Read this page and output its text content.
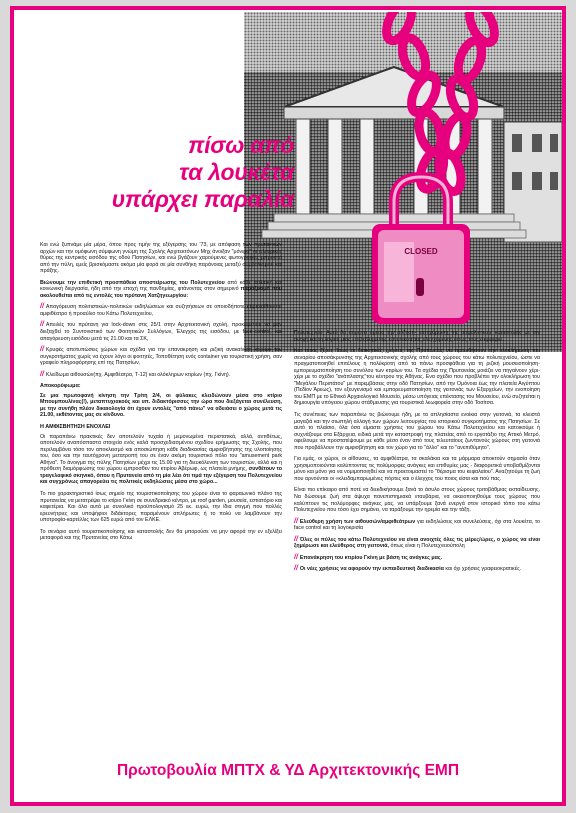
CLOSED
πίσω από
τα λουκέτα
υπάρχει παραλία

Και ενώ ξυπνάμε μία μέρα, όπου προς τιμήν της εξέγερσης του '73, με απόφαση των πρυτανικών αρχών και την ομόφωνη σύμφωνη γνώμη της Σχολής Αρχιτεκτόνων Μηχ άνοιξαν "μόνιμα" οι πλευρικές θύρες της κεντρικής εισόδου της οδού Πατησίων, και ενώ βγάζουν χαρούμενες φωτογραφίες μπροστά από την πύλη, εμείς βρισκόμαστε ακόμα μία φορά σε μία συνθήκη παράνοιας μεταξύ συμβολισμού και πράξης.

Βιώνουμε την επιθετική προσπάθεια αποστείρωσης του Πολυτεχνείου από κάθε πολιτική και κοινωνική διεργασία, ήδη από την εποχή της πανδημίας, φτάνοντας στον σημερινό παροξυσμό που ακολουθείται από τις εντολές του πρύτανη Χατζηγεωργίου:

// Απαγόρευση πολιτιστικών-πολιτικών εκδηλώσεων και συζητήσεων σε οποιοδήποτε κτίριο/αίθουσα/αμφιθέατρο ή προαύλιο του Κάτω Πολυτεχνείου,

// Απειλές του πρύτανη για lock-down στις 25/1 στην Αρχιτεκτονική σχολή, προκειμένου να μην διεξαχθεί το Συντονιστικό των Φοιτητικών Συλλόγων, Έλεγχος της εισόδου, με face-control, και απαγόρευση εισόδου μετά τις 21.00 και τα ΣΚ,

// Κρυφές αποτυπώσεις χώρων και σχέδια για την επανακρηση και ριζική ανακαίνιση κτιρίων του συγκροτήματος χωρίς να έχουν λόγο οι φοιτητές, Τοποθέτηση ενός container για τουριστική χρήση, σαν γραφείο πληροφόρησης επί της Πατησίων,

// Κλείδωμα αιθουσών(πχ. Αμφιθέατρα, Τ-12) και ολόκληρων κτιρίων (πχ. Γκίνη).

Αποκορύφωμα:

Σε μια πρωτοφανή κίνηση την Τρίτη 2/4, οι φύλακες κλειδώνουν μέσα στο κτίριο Μπουμπουλίνας(!), μεταπτυχιακούς και υπ. διδακτόρισσες την ώρα που διεξάγεται συνέλευση, με την συνήθη πλέον δικαιολογία ότι έχουν εντολές "από πάνω" να αδειάσει ο χώρος μετά τις 21.00, εκθέτοντας μας σε κίνδυνο.

Η ΑΜΦΙΣΒΗΤΗΣΗ ΕΝΟΧΛΕΙ

Οι παραπάνω πρακτικές δεν αποτελούν τυχαία ή μεμονωμένα περιστατικά, αλλά, αντιθέτως, αποτελούν αναπόσπαστα στοιχεία ενός καλά προσχεδιασμένου σχεδίου ερήμωσης της Σχολής, που περιλαμβάνει τόσο τον αποκλεισμό και αποσιώπηση κάθε διαδικασίας αμφισβήτησης της υλοποίησης του, όσο και την ταυτόχρονη μετατροπή του σε έναν ακόμη τουριστικό πόλο του "amusement park Αθήνα". Το άνοιγμα της πύλης Πατησίων μέχρι τις 15.00 για τη διευκόλυνση των τουριστών, αλλά και η πρόθεση διαμόρφωσης του χώρου εμπροσθεν του κτιρίου Αβέρωφ, ως πλατεία μνήμης, συνθέτουν το τραγελαφικό σκηνικό, όπου η Πρυτανεία από τη μία λέει ότι τιμά την εξέγερση του Πολυτεχνείου και συγχρόνως απαγορεύει τις πολιτικές εκδηλώσεις μέσα στο χώρο...

Το πιο χαρακτηριστικό ίσως σημείο της τουριστικοποίησης του χώρου είναι το φαραωνικό πλάνο της πρυτανείας να μετατρέψει το κτίριο Γκίνη σε συνεδριακό κέντρο, με roof garden, μουσεία, εστιατόριο και καφετέρια. Και όλα αυτά με συνολικό προϋπολογισμό 25 εκ. ευρώ, την ίδια στιγμή που πολλές ερευνήτριες και υποψήφιοι διδάκτορες παραμένουν απλήρωτες ή το πολύ να λαμβάνουν την υποτροφία-καρτέλλις των 625 ευρώ από τον ΕΛΚΕ.

Το σενάριο αυτό τουριστικοποίησης και καταστολής δεν θα μπορούσε να μην αφορά την εν εξελίξει μεταφορά και της Πρυτανείας στο Κάτω

Πολυτεχνείο. Αυτό θα σημάνει άμεσα την αύξηση- κατοχύρωση της ασφαλιστικής καταστολής με την ανοχή και τη λογική μιας επιβεβλημένης κανονικότητας ελεγχόμενης όπως τους συμφέρει.

Και ποιος ξέρει; Ίσως οι διοικητικές χρήσεις της Πρυτανείας να προωθήσουν την ολοκλήρωση του σεναρίου αποσάκρυνσης της Αρχιτεκτονικής σχολής από τους χώρους του κάτω πολυτεχνείου, ώστε να πραγματοποιηθεί επιτέλους η πολύκροτη από τα πάνω προσφάθεια για τη ριζική μουσειοποίηση-εμπορευματοποίηση του συνόλου των κτιρίων του. Τα σχέδια της Πρυτανείας μοιάζει να πηγαίνουν χέρι-χέρι με το σχέδιο "ανάπλασης"του κέντρου της Αθήνας. Ενα σχέδιο που προβλέπει την ολοκλήρωση του "Μεγάλου Περιπάτου" με παρεμβάσεις στην οδό Πατησίων, από την Ομόνοια έως την πλατεία Αιγύπτου (Πεδίον Άρεως), τον εξευγενισμό και εμπορευματοποίηση της γειτονιάς των Εξαρχείων, την ενοποίηση του ΕΜΠ με το Εθνικό Αρχαιολογικό Μουσείο, μέσω υπόγειας επέκτασης του Μουσείου, ενώ συζητείται η δημιουργία υπόγειου χώρου στάθμευσης για τουριστικά λεωφορεία στην οδό Τοσίτσα.

Τις συνέπειες των παραπάνω τις βιώνουμε ήδη, με τα απλησίαστα ενοίκια στην γειτονιά, τα κλειστά μαγαζιά και την σιωπηλή αλλαγή των χώρων λειτουργίας του ιστορικού συγκροτήματος της Πατησίων. Σε αυτό το πλαίσιο, όλα όσα είμαστε χρήστες του χώρου του Κάτω Πολυτεχνείου και κατοικούμε ή συχνάζουμε στα Εξάρχεια, ειδικά μετά την καταστροφή της πλατείας από το εργοτάξιο της Αττικό Μετρό, οφείλουμε να προστατέψουμε με κάθε μέσο έναν από τους τελευταίους ζωντανούς χώρους στη γειτονιά που προβάλλουν την αμφισβήτηση και τον χώρο για το "άλλο" και το "ανεπιθύμητο".

Για εμάς, οι χώροι, οι αίθουσες, τα αμφιθέατρα, τα σκαλάκια και τα μάρμαρα αποκτούν σημασία όταν χρησιμοποιούνται καλύπτοντας τις πολύμορφες ανάγκες και επιθυμίες μας - διαφορετικά υποβαθμίζονται μόνο και μόνο για να νομιμοποιηθεί και να προετοιμαστεί το "θέρισμα του κεφαλαίου". Αναζητούμε τη ζωή που αρνούνται οι «κλειδαμπαρωμένες πόρτες και ο έλεγχος του ποιος είσαι και πού πας.

Είναι πιο επίκαιρο από ποτέ να διεκδικήσουμε ξανά το άσυλο στους χώρους τριτοβάθμιας εκπαίδευσης. Να δώσουμε ζωή στα άψυχα πανεπιστημιακά νταυβάρια, να οικειοποιηθούμε τους χώρους που καλύπτουν τις πολύμορφες ανάγκες μας, να υπάρξουμε ξανά ενεργά στον ιστορικό τόπο του κάτω Πολυτεχνείου που τόσο έχει σημάνει, να ταράξουμε την ηρεμία και την τάξη.

// Ελεύθερη χρήση των αιθουσών/αμφιθεάτρων για εκδηλώσεις και συνελεύσεις, όχι στα λουκέτα, το face control και τη λογοκρισία

// Όλες οι πύλες του κάτω Πολυτεχνείου να είναι ανοιχτές όλες τις μέρες/ώρες, ο χώρος να είναι ξημέρωσε και ελεύθερος στη γειτονιά, όπως είναι η Πολυτεχνειούπολη

// Επανάκρηση του κτιρίου Γκίνη με βάση τις ανάγκες μας.

// Οι νέες χρήσεις να αφορούν την εκπαιδευτική διαδικασία και όχι χρήσεις γραφειοκρατικές.

Πρωτοβουλία ΜΠΤΧ & ΥΔ Αρχιτεκτονικής ΕΜΠ
